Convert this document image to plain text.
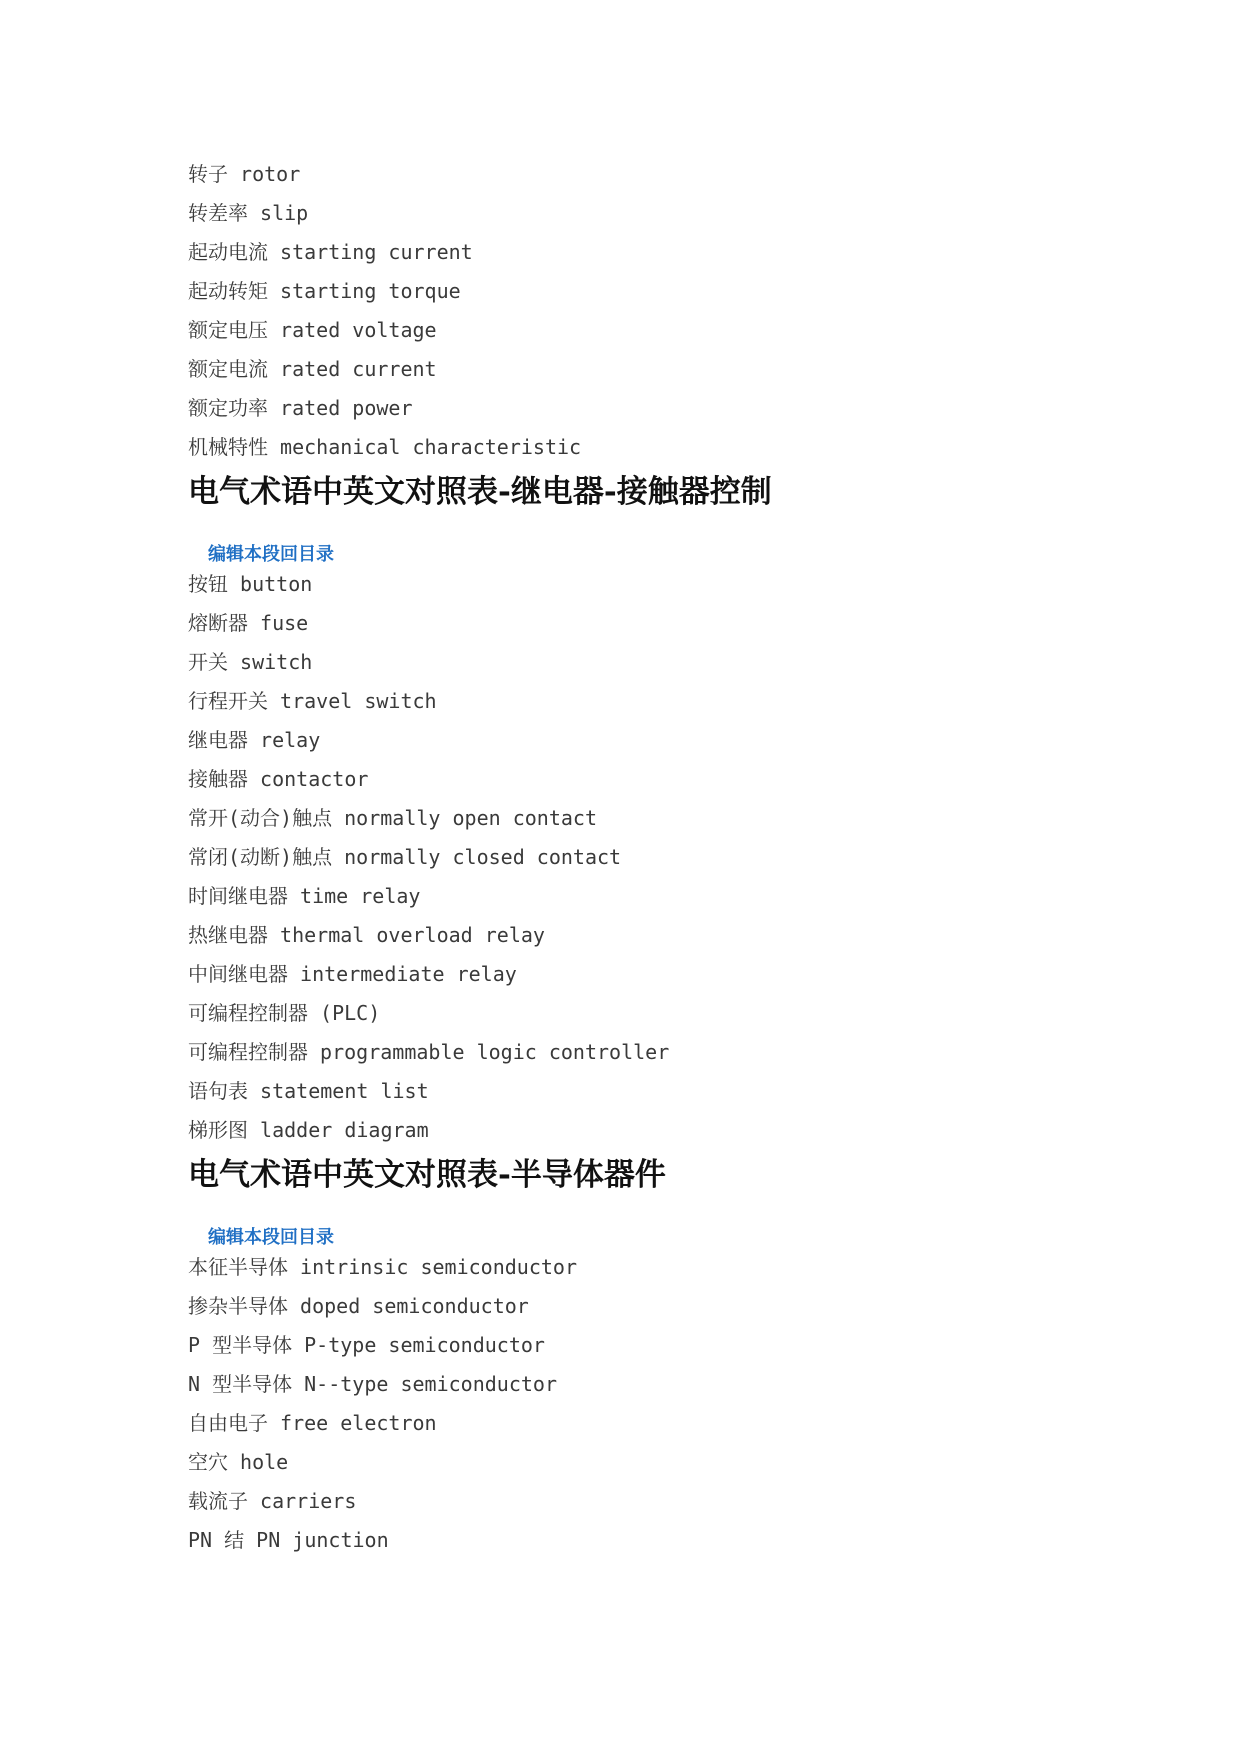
转子 rotor
转差率 slip
起动电流 starting current
起动转矩 starting torque
额定电压 rated voltage
额定电流 rated current
额定功率 rated power
机械特性 mechanical characteristic
电气术语中英文对照表-继电器-接触器控制
编辑本段回目录
按钮 button
熔断器 fuse
开关 switch
行程开关 travel switch
继电器 relay
接触器 contactor
常开(动合)触点 normally open contact
常闭(动断)触点 normally closed contact
时间继电器 time relay
热继电器 thermal overload relay
中间继电器 intermediate relay
可编程控制器 (PLC)
可编程控制器 programmable logic controller
语句表 statement list
梯形图 ladder diagram
电气术语中英文对照表-半导体器件
编辑本段回目录
本征半导体 intrinsic semiconductor
掺杂半导体 doped semiconductor
P 型半导体 P-type semiconductor
N 型半导体 N--type semiconductor
自由电子 free electron
空穴 hole
载流子 carriers
PN 结 PN junction
